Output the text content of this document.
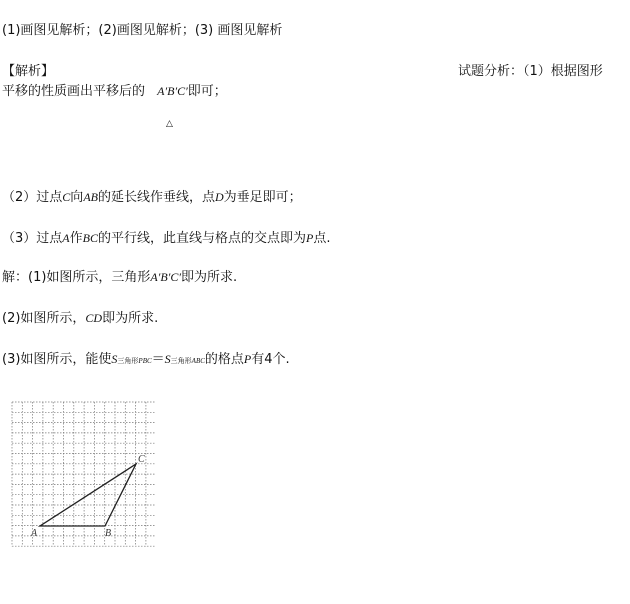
(1)画图见解析；(2)画图见解析；(3) 画图见解析
【解析】	试题分析：（1）根据图形
平移的性质画出平移后的 A′B′C′即可；
△
（2）过点C向AB的延长线作垂线，点D为垂足即可；
（3）过点A作BC的平行线，此直线与格点的交点即为P点.
解：(1)如图所示，三角形A′B′C′即为所求.
(2)如图所示，CD即为所求.
(3)如图所示，能使S三角形PBC＝S三角形ABC的格点P有4个.
A	B
C
